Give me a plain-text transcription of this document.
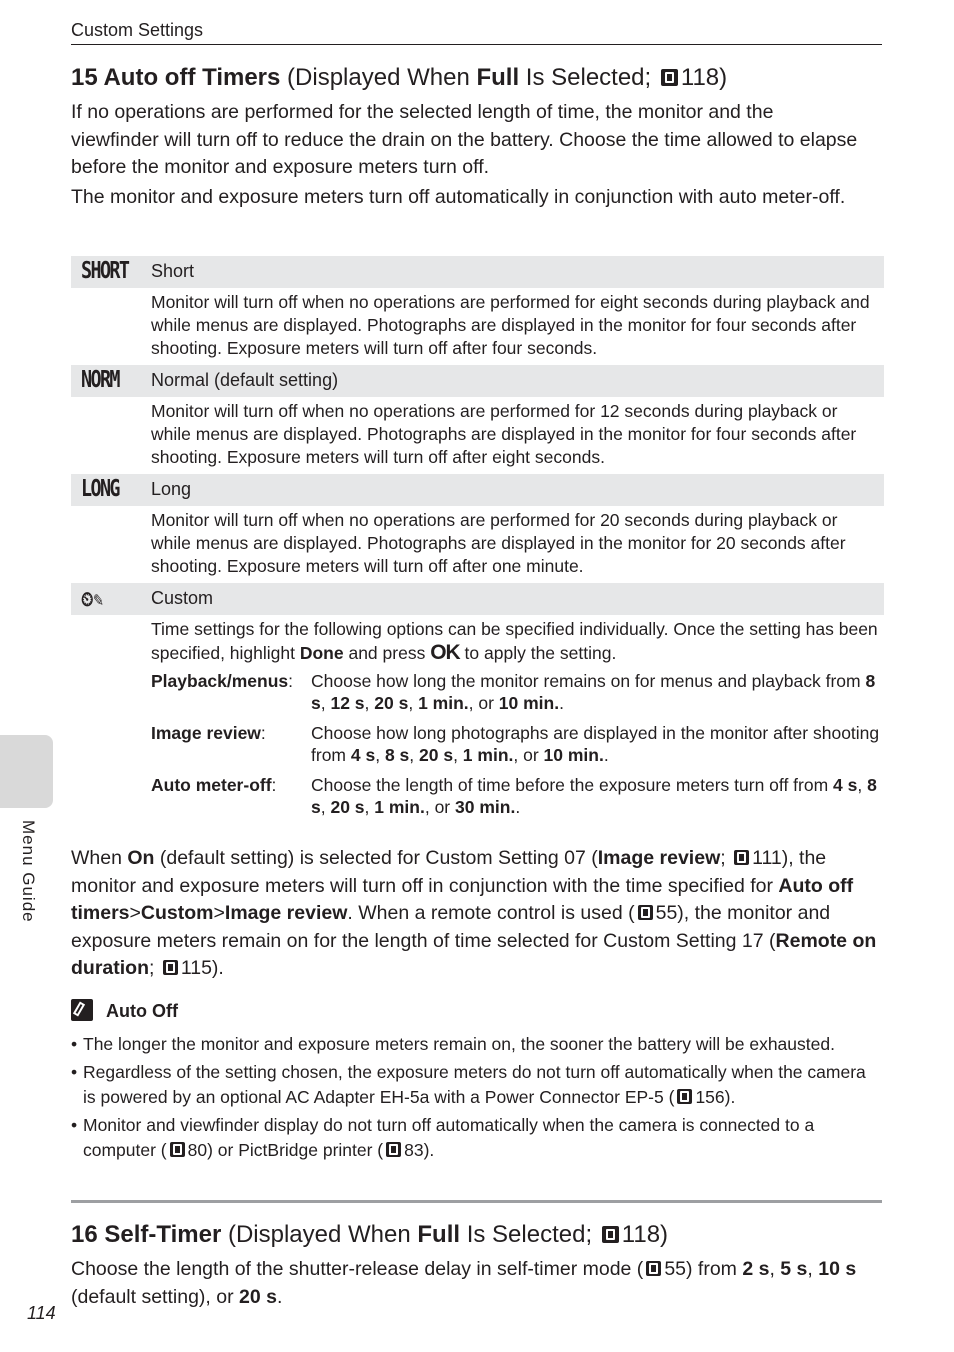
Custom Settings
15 Auto off Timers (Displayed When Full Is Selected; 118)

If no operations are performed for the selected length of time, the monitor and the viewfinder will turn off to reduce the drain on the battery. Choose the time allowed to elapse before the monitor and exposure meters turn off.

The monitor and exposure meters turn off automatically in conjunction with auto meter-off.

SHORT Short
Monitor will turn off when no operations are performed for eight seconds during playback and while menus are displayed. Photographs are displayed in the monitor for four seconds after shooting. Exposure meters will turn off after four seconds.
NORM Normal (default setting)
Monitor will turn off when no operations are performed for 12 seconds during playback or while menus are displayed. Photographs are displayed in the monitor for four seconds after shooting. Exposure meters will turn off after eight seconds.
LONG Long
Monitor will turn off when no operations are performed for 20 seconds during playback or while menus are displayed. Photographs are displayed in the monitor for 20 seconds after shooting. Exposure meters will turn off after one minute.
⏲✎	Custom
Time settings for the following options can be specified individually. Once the setting has been specified, highlight Done and press OK to apply the setting.
Playback/menus: Choose how long the monitor remains on for menus and playback from 8 s, 12 s, 20 s, 1 min., or 10 min..
Image review:	Choose how long photographs are displayed in the monitor after shooting from 4 s, 8 s, 20 s, 1 min., or 10 min..
Auto meter-off: Choose the length of time before the exposure meters turn off from 4 s, 8 s, 20 s, 1 min., or 30 min..

When On (default setting) is selected for Custom Setting 07 (Image review; 111), the monitor and exposure meters will turn off in conjunction with the time specified for Auto off timers>Custom>Image review. When a remote control is used ( 55), the monitor and exposure meters remain on for the length of time selected for Custom Setting 17 (Remote on duration; 115).

Auto Off
• The longer the monitor and exposure meters remain on, the sooner the battery will be exhausted.
• Regardless of the setting chosen, the exposure meters do not turn off automatically when the camera is powered by an optional AC Adapter EH-5a with a Power Connector EP-5 ( 156).
• Monitor and viewfinder display do not turn off automatically when the camera is connected to a computer ( 80) or PictBridge printer ( 83).
16 Self-Timer (Displayed When Full Is Selected; 118)

Choose the length of the shutter-release delay in self-timer mode ( 55) from 2 s, 5 s, 10 s (default setting), or 20 s.

Menu Guide
114
